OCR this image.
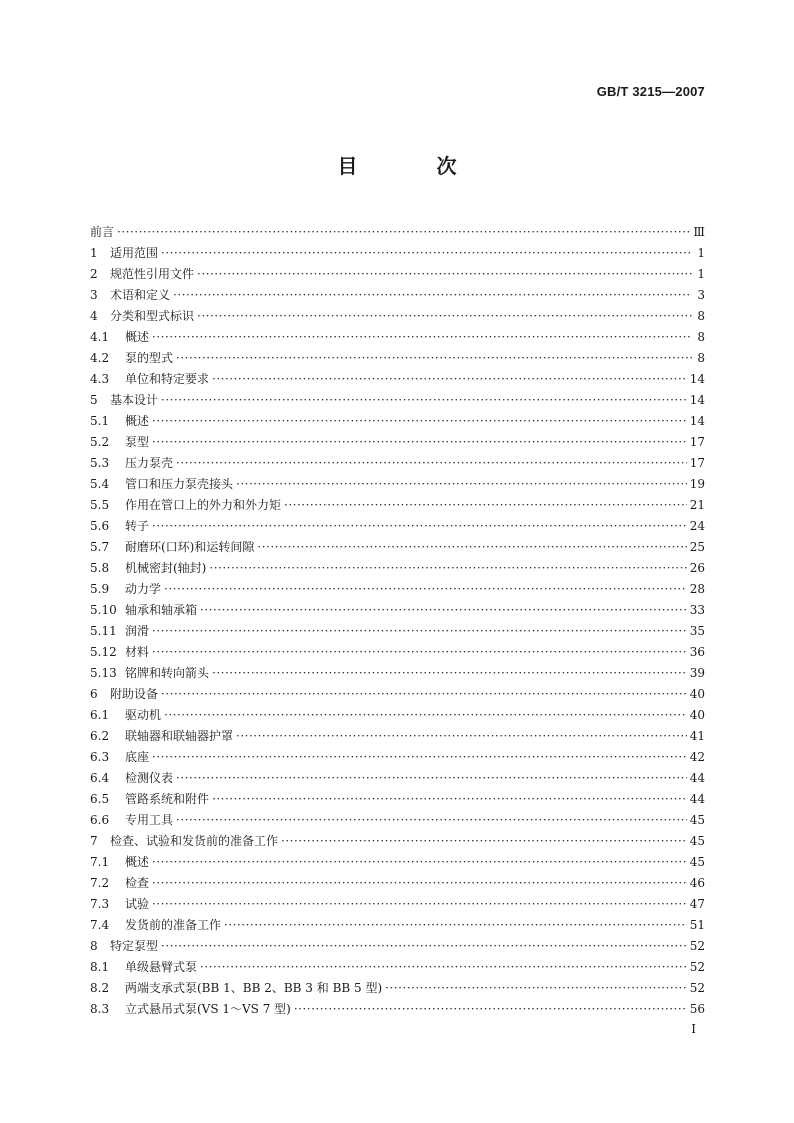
GB/T 3215—2007
目 次
前言 ·····	Ⅲ
1	适用范围 ·····	1
2	规范性引用文件 ·····	1
3	术语和定义 ·····	3
4	分类和型式标识 ·····	8
4.1	概述 ·····	8
4.2	泵的型式 ·····	8
4.3	单位和特定要求 ·····	14
5	基本设计 ·····	14
5.1	概述 ·····	14
5.2	泵型 ·····	17
5.3	压力泵壳 ·····	17
5.4	管口和压力泵壳接头 ·····	19
5.5	作用在管口上的外力和外力矩 ·····	21
5.6	转子 ·····	24
5.7	耐磨环(口环)和运转间隙 ·····	25
5.8	机械密封(轴封) ·····	26
5.9	动力学 ·····	28
5.10 轴承和轴承箱 ·····	33
5.11 润滑 ·····	35
5.12 材料 ·····	36
5.13 铭牌和转向箭头 ·····	39
6	附助设备 ·····	40
6.1	驱动机 ·····	40
6.2	联轴器和联轴器护罩 ·····	41
6.3	底座 ·····	42
6.4	检测仪表 ·····	44
6.5	管路系统和附件 ·····	44
6.6	专用工具 ·····	45
7	检查、试验和发货前的准备工作 ·····	45
7.1	概述 ·····	45
7.2	检查 ·····	46
7.3	试验 ·····	47
7.4	发货前的准备工作 ·····	51
8	特定泵型 ·····	52
8.1	单级悬臂式泵 ·····	52
8.2	两端支承式泵(BB 1、BB 2、BB 3 和 BB 5 型) ·····	52
8.3	立式悬吊式泵(VS 1～VS 7 型) ·····	56
I
